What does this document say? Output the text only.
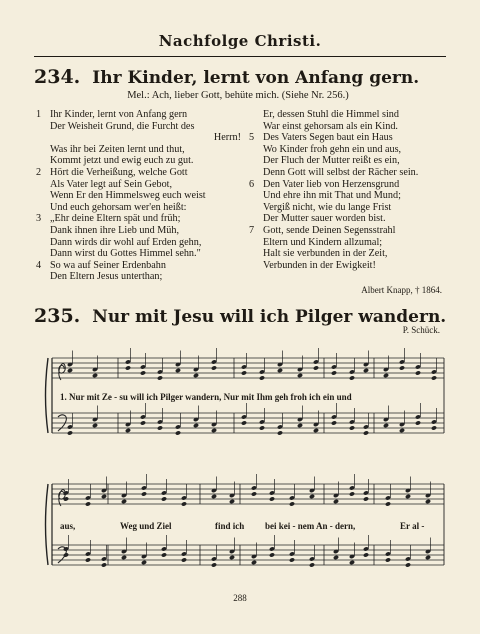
Nachfolge Christi.
234. Ihr Kinder, lernt von Anfang gern.
Mel.: Ach, lieber Gott, behüte mich. (Siehe Nr. 256.)
1 Ihr Kinder, lernt von Anfang gern
Der Weisheit Grund, die Furcht des
Herrn!
Was ihr bei Zeiten lernt und thut,
Kommt jetzt und ewig euch zu gut.
2 Hört die Verheißung, welche Gott
Als Vater legt auf Sein Gebot,
Wenn Er den Himmelsweg euch weist
Und euch gehorsam wer'en heißt:
3 „Ehr deine Eltern spät und früh;
Dank ihnen ihre Lieb und Müh,
Dann wirds dir wohl auf Erden gehn,
Dann wirst du Gottes Himmel sehn."
4 So wa auf Seiner Erdenbahn
Den Eltern Jesus unterthan;
Er, dessen Stuhl die Himmel sind
War einst gehorsam als ein Kind.
5 Des Vaters Segen baut ein Haus
Wo Kinder froh gehn ein und aus,
Der Fluch der Mutter reißt es ein,
Denn Gott will selbst der Rächer sein.
6 Den Vater lieb von Herzensgrund
Und ehre ihn mit That und Mund;
Vergiß nicht, wie du lange Frist
Der Mutter sauer worden bist.
7 Gott, sende Deinen Segensstrahl
Eltern und Kindern allzumal;
Halt sie verbunden in der Zeit,
Verbunden in der Ewigkeit!
Albert Knapp, † 1864.
235. Nur mit Jesu will ich Pilger wandern.
P. Schück.
1. Nur mit Ze - su will ich Pilger wandern, Nur mit Ihm geh froh ich ein und
aus,	Weg und Ziel	find ich bei kei - nem An - dern,	Er al -
288
